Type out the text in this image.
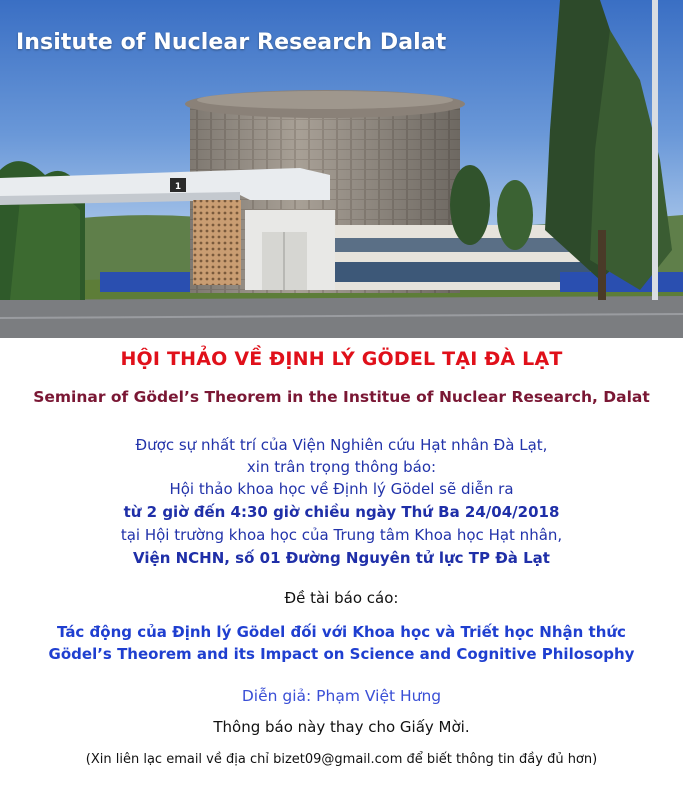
1
Insitute of Nuclear Research Dalat

HỘI THẢO VỀ ĐỊNH LÝ GÖDEL TẠI ĐÀ LẠT

Seminar of Gödel’s Theorem in the Institue of Nuclear Research, Dalat

Được sự nhất trí của Viện Nghiên cứu Hạt nhân Đà Lạt,

xin trân trọng thông báo:

Hội thảo khoa học về Định lý Gödel sẽ diễn ra

từ 2 giờ đến 4:30 giờ chiều ngày Thứ Ba 24/04/2018

tại Hội trường khoa học của Trung tâm Khoa học Hạt nhân,

Viện NCHN, số 01 Đường Nguyên tử lực TP Đà Lạt

Đề tài báo cáo:

Tác động của Định lý Gödel đối với Khoa học và Triết học Nhận thức

Gödel’s Theorem and its Impact on Science and Cognitive Philosophy

Diễn giả: Phạm Việt Hưng

Thông báo này thay cho Giấy Mời.

(Xin liên lạc email về địa chỉ bizet09@gmail.com để biết thông tin đầy đủ hơn)
